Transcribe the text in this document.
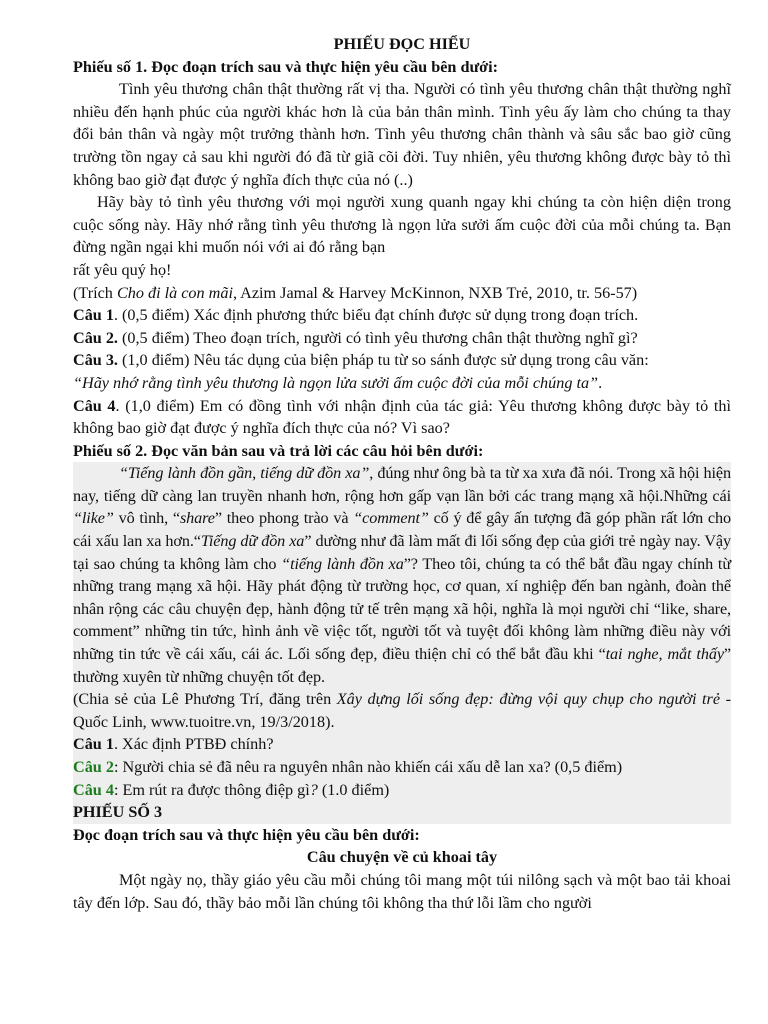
PHIẾU ĐỌC HIỂU

Phiếu số 1. Đọc đoạn trích sau và thực hiện yêu cầu bên dưới:

Tình yêu thương chân thật thường rất vị tha. Người có tình yêu thương chân thật thường nghĩ nhiều đến hạnh phúc của người khác hơn là của bản thân mình. Tình yêu ấy làm cho chúng ta thay đổi bản thân và ngày một trưởng thành hơn. Tình yêu thương chân thành và sâu sắc bao giờ cũng trường tồn ngay cả sau khi người đó đã từ giã cõi đời. Tuy nhiên, yêu thương không được bày tỏ thì không bao giờ đạt được ý nghĩa đích thực của nó (..)

Hãy bày tỏ tình yêu thương với mọi người xung quanh ngay khi chúng ta còn hiện diện trong cuộc sống này. Hãy nhớ rằng tình yêu thương là ngọn lửa sưởi ấm cuộc đời của mỗi chúng ta. Bạn đừng ngần ngại khi muốn nói với ai đó rằng bạn

rất yêu quý họ!

(Trích Cho đi là con mãi, Azim Jamal & Harvey McKinnon, NXB Trẻ, 2010, tr. 56-57)

Câu 1. (0,5 điểm) Xác định phương thức biểu đạt chính được sử dụng trong đoạn trích.

Câu 2. (0,5 điểm) Theo đoạn trích, người có tình yêu thương chân thật thường nghĩ gì?

Câu 3. (1,0 điểm) Nêu tác dụng của biện pháp tu từ so sánh được sử dụng trong câu văn:
“Hãy nhớ rằng tình yêu thương là ngọn lửa sưởi ấm cuộc đời của mỗi chúng ta”.

Câu 4. (1,0 điểm) Em có đồng tình với nhận định của tác giả: Yêu thương không được bày tỏ thì không bao giờ đạt được ý nghĩa đích thực của nó? Vì sao?

Phiếu số 2. Đọc văn bản sau và trả lời các câu hỏi bên dưới:

“Tiếng lành đồn gần, tiếng dữ đồn xa”, đúng như ông bà ta từ xa xưa đã nói. Trong xã hội hiện nay, tiếng dữ càng lan truyền nhanh hơn, rộng hơn gấp vạn lần bởi các trang mạng xã hội.Những cái “like” vô tình, “share” theo phong trào và “comment” cố ý để gây ấn tượng đã góp phần rất lớn cho cái xấu lan xa hơn.“Tiếng dữ đồn xa” dường như đã làm mất đi lối sống đẹp của giới trẻ ngày nay. Vậy tại sao chúng ta không làm cho “tiếng lành đồn xa”? Theo tôi, chúng ta có thể bắt đầu ngay chính từ những trang mạng xã hội. Hãy phát động từ trường học, cơ quan, xí nghiệp đến ban ngành, đoàn thể nhân rộng các câu chuyện đẹp, hành động tử tế trên mạng xã hội, nghĩa là mọi người chỉ “like, share, comment” những tin tức, hình ảnh về việc tốt, người tốt và tuyệt đối không làm những điều này với những tin tức về cái xấu, cái ác. Lối sống đẹp, điều thiện chỉ có thể bắt đầu khi “tai nghe, mắt thấy” thường xuyên từ những chuyện tốt đẹp.

(Chia sẻ của Lê Phương Trí, đăng trên Xây dựng lối sống đẹp: đừng vội quy chụp cho người trẻ - Quốc Linh, www.tuoitre.vn, 19/3/2018).

Câu 1. Xác định PTBĐ chính?

Câu 2: Người chia sẻ đã nêu ra nguyên nhân nào khiến cái xấu dễ lan xa? (0,5 điểm)

Câu 4: Em rút ra được thông điệp gì? (1.0 điểm)

PHIẾU SỐ 3

Đọc đoạn trích sau và thực hiện yêu cầu bên dưới:

Câu chuyện về củ khoai tây

Một ngày nọ, thầy giáo yêu cầu mỗi chúng tôi mang một túi nilông sạch và một bao tải khoai tây đến lớp. Sau đó, thầy bảo mỗi lần chúng tôi không tha thứ lỗi lầm cho người
